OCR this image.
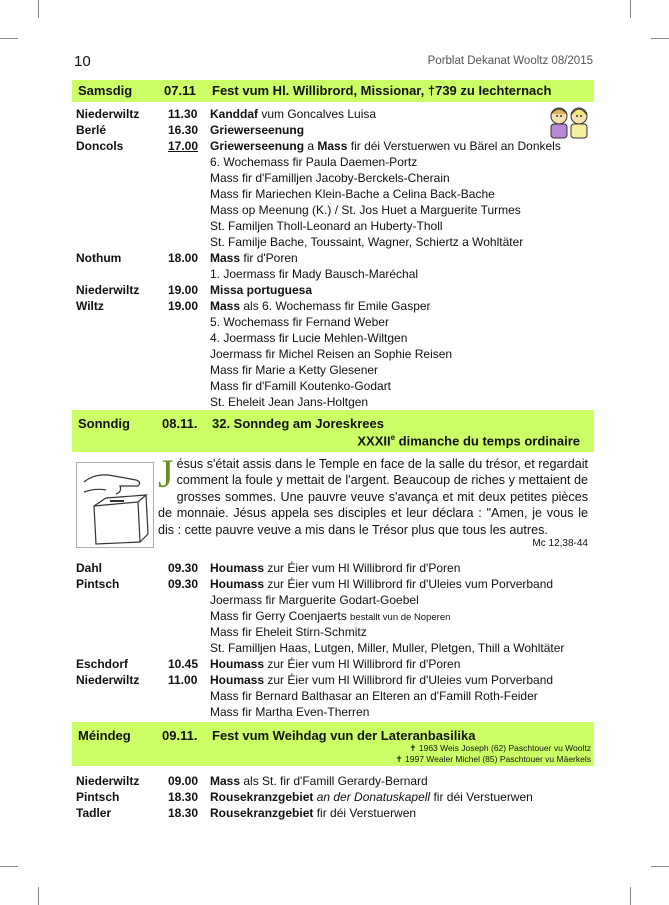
10	Porblat Dekanat Wooltz 08/2015
Samsdig 07.11 Fest vum Hl. Willibrord, Missionar, †739 zu Iechternach
Niederwiltz 11.30 Kanddaf vum Goncalves Luisa
Berlé	16.30 Griewerseenung
Doncols	17.00 Griewerseenung a Mass fir déi Verstuerwen vu Bärel an Donkels
6. Wochemass fir Paula Daemen-Portz
Mass fir d'Familljen Jacoby-Berckels-Cherain
Mass fir Mariechen Klein-Bache a Celina Back-Bache
Mass op Meenung (K.) / St. Jos Huet a Marguerite Turmes
St. Familjen Tholl-Leonard an Huberty-Tholl
St. Familje Bache, Toussaint, Wagner, Schiertz a Wohltäter
Nothum	18.00 Mass fir d'Poren
1. Joermass fir Mady Bausch-Maréchal
Niederwiltz 19.00 Missa portuguesa
Wiltz	19.00 Mass als 6. Wochemass fir Emile Gasper
5. Wochemass fir Fernand Weber
4. Joermass fir Lucie Mehlen-Wiltgen
Joermass fir Michel Reisen an Sophie Reisen
Mass fir Marie a Ketty Glesener
Mass fir d'Famill Koutenko-Godart
St. Eheleit Jean Jans-Holtgen
Sonndig 08.11. 32. Sonndeg am Joreskrees
XXXIIe dimanche du temps ordinaire
Jésus s'était assis dans le Temple en face de la salle du trésor, et regardait comment la foule y mettait de l'argent. Beaucoup de riches y mettaient de grosses sommes. Une pauvre veuve s'avança et mit deux petites pièces de monnaie. Jésus appela ses disciples et leur déclara : "Amen, je vous le dis : cette pauvre veuve a mis dans le Trésor plus que tous les autres.
Mc 12,38-44
Dahl	09.30 Houmass zur Éier vum Hl Willibrord fir d'Poren
Pintsch	09.30 Houmass zur Éier vum Hl Willibrord fir d'Uleies vum Porverband
Joermass fir Marguerite Godart-Goebel
Mass fir Gerry Coenjaerts bestallt vun de Noperen
Mass fir Eheleit Stirn-Schmitz
St. Familljen Haas, Lutgen, Miller, Muller, Pletgen, Thill a Wohltäter
Eschdorf	10.45 Houmass zur Éier vum Hl Willibrord fir d'Poren
Niederwiltz 11.00 Houmass zur Éier vum Hl Willibrord fir d'Uleies vum Porverband
Mass fir Bernard Balthasar an Elteren an d'Famill Roth-Feider
Mass fir Martha Even-Therren
Méindeg 09.11. Fest vum Weihdag vun der Lateranbasilika
✝ 1963 Weis Joseph (62) Paschtouer vu Wooltz
✝ 1997 Wealer Michel (85) Paschtouer vu Mäerkels
Niederwiltz 09.00 Mass als St. fir d'Famill Gerardy-Bernard
Pintsch	18.30 Rousekranzgebiet an der Donatuskapell fir déi Verstuerwen
Tadler	18.30 Rousekranzgebiet fir déi Verstuerwen
